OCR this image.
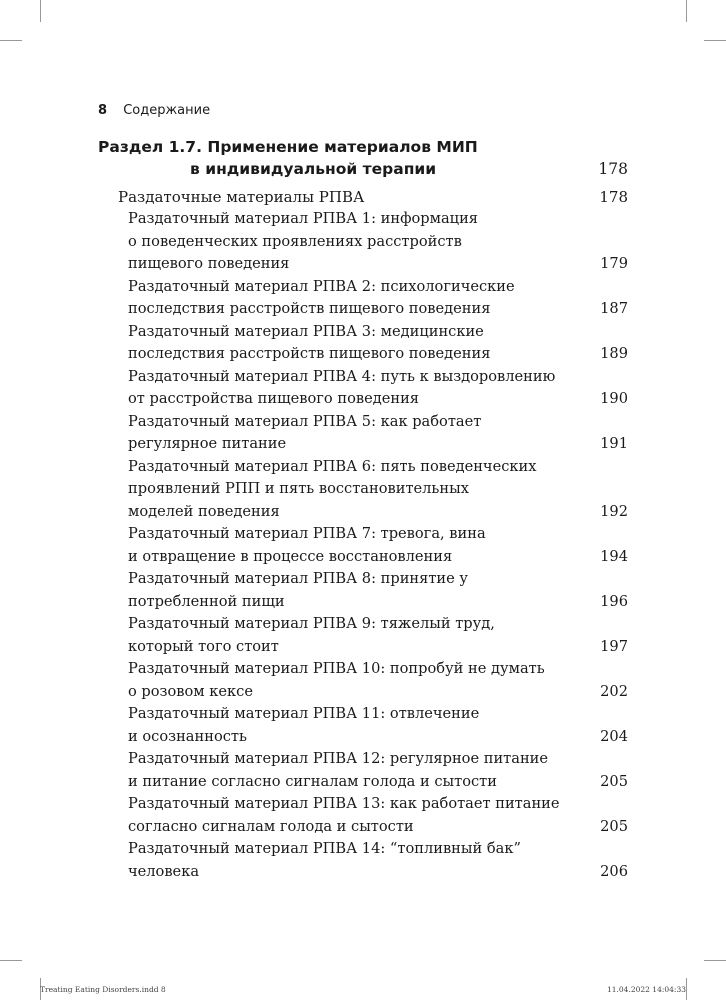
8 Содержание
Раздел 1.7. Применение материалов МИП
в индивидуальной терапии	178
Раздаточные материалы РПВА	178
Раздаточный материал РПВА 1: информация
о поведенческих проявлениях расстройств
пищевого поведения	179
Раздаточный материал РПВА 2: психологические
последствия расстройств пищевого поведения	187
Раздаточный материал РПВА 3: медицинские
последствия расстройств пищевого поведения	189
Раздаточный материал РПВА 4: путь к выздоровлению
от расстройства пищевого поведения	190
Раздаточный материал РПВА 5: как работает
регулярное питание	191
Раздаточный материал РПВА 6: пять поведенческих
проявлений РПП и пять восстановительных
моделей поведения	192
Раздаточный материал РПВА 7: тревога, вина
и отвращение в процессе восстановления	194
Раздаточный материал РПВА 8: принятие у
потребленной пищи	196
Раздаточный материал РПВА 9: тяжелый труд,
который того стоит	197
Раздаточный материал РПВА 10: попробуй не думать
о розовом кексе	202
Раздаточный материал РПВА 11: отвлечение
и осознанность	204
Раздаточный материал РПВА 12: регулярное питание
и питание согласно сигналам голода и сытости	205
Раздаточный материал РПВА 13: как работает питание
согласно сигналам голода и сытости	205
Раздаточный материал РПВА 14: “топливный бак”
человека	206
Treating Eating Disorders.indd 8	11.04.2022 14:04:33
